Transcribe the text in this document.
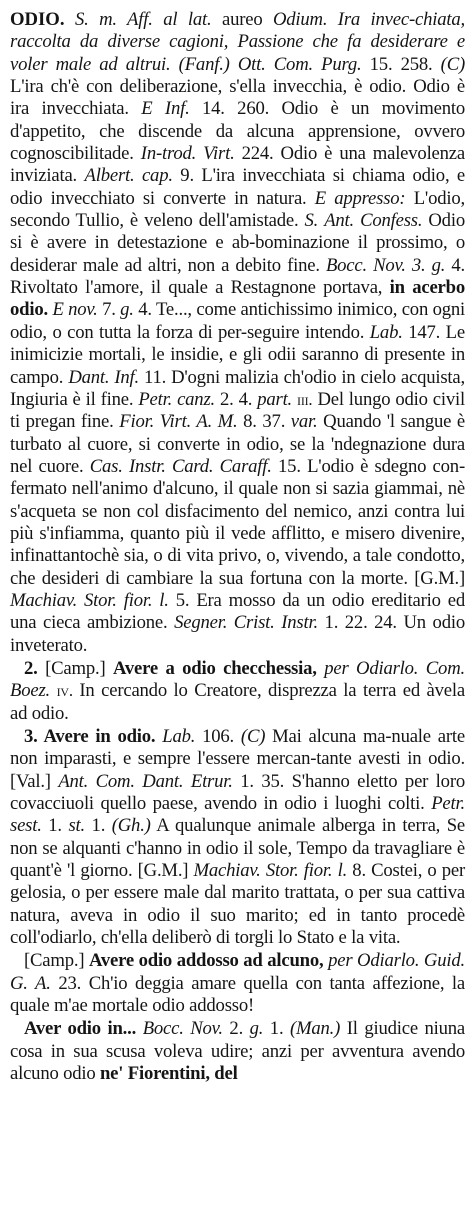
ODIO. S. m. Aff. al lat. aureo Odium. Ira invec-chiata, raccolta da diverse cagioni, Passione che fa desiderare e voler male ad altrui. (Fanf.) Ott. Com. Purg. 15. 258. (C) L'ira ch'è con deliberazione, s'ella invecchia, è odio. Odio è ira invecchiata. E Inf. 14. 260. Odio è un movimento d'appetito, che discende da alcuna apprensione, ovvero cognoscibilitade. In-trod. Virt. 224. Odio è una malevolenza inviziata. Albert. cap. 9. L'ira invecchiata si chiama odio, e odio invecchiato si converte in natura. E appresso: L'odio, secondo Tullio, è veleno dell'amistade. S. Ant. Confess. Odio si è avere in detestazione e ab-bominazione il prossimo, o desiderar male ad altri, non a debito fine. Bocc. Nov. 3. g. 4. Rivoltato l'amore, il quale a Restagnone portava, in acerbo odio. E nov. 7. g. 4. Te..., come antichissimo inimico, con ogni odio, o con tutta la forza di per-seguire intendo. Lab. 147. Le inimicizie mortali, le insidie, e gli odii saranno di presente in campo. Dant. Inf. 11. D'ogni malizia ch'odio in cielo acquista, Ingiuria è il fine. Petr. canz. 2. 4. part. iii. Del lungo odio civil ti pregan fine. Fior. Virt. A. M. 8. 37. var. Quando 'l sangue è turbato al cuore, si converte in odio, se la 'ndegnazione dura nel cuore. Cas. Instr. Card. Caraff. 15. L'odio è sdegno con-fermato nell'animo d'alcuno, il quale non si sazia giammai, nè s'acqueta se non col disfacimento del nemico, anzi contra lui più s'infiamma, quanto più il vede afflitto, e misero divenire, infinattantochè sia, o di vita privo, o, vivendo, a tale condotto, che desideri di cambiare la sua fortuna con la morte. [G.M.] Machiav. Stor. fior. l. 5. Era mosso da un odio ereditario ed una cieca ambizione. Segner. Crist. Instr. 1. 22. 24. Un odio inveterato.

2. [Camp.] Avere a odio checchessia, per Odiarlo. Com. Boez. iv. In cercando lo Creatore, disprezza la terra ed àvela ad odio.

3. Avere in odio. Lab. 106. (C) Mai alcuna ma-nuale arte non imparasti, e sempre l'essere mercan-tante avesti in odio. [Val.] Ant. Com. Dant. Etrur. 1. 35. S'hanno eletto per loro covacciuoli quello paese, avendo in odio i luoghi colti. Petr. sest. 1. st. 1. (Gh.) A qualunque animale alberga in terra, Se non se alquanti c'hanno in odio il sole, Tempo da travagliare è quant'è 'l giorno. [G.M.] Machiav. Stor. fior. l. 8. Costei, o per gelosia, o per essere male dal marito trattata, o per sua cattiva natura, aveva in odio il suo marito; ed in tanto procedè coll'odiarlo, ch'ella deliberò di torgli lo Stato e la vita.

[Camp.] Avere odio addosso ad alcuno, per Odiarlo. Guid. G. A. 23. Ch'io deggia amare quella con tanta affezione, la quale m'ae mortale odio addosso!

Aver odio in... Bocc. Nov. 2. g. 1. (Man.) Il giudice niuna cosa in sua scusa voleva udire; anzi per avventura avendo alcuno odio ne' Fiorentini, del
